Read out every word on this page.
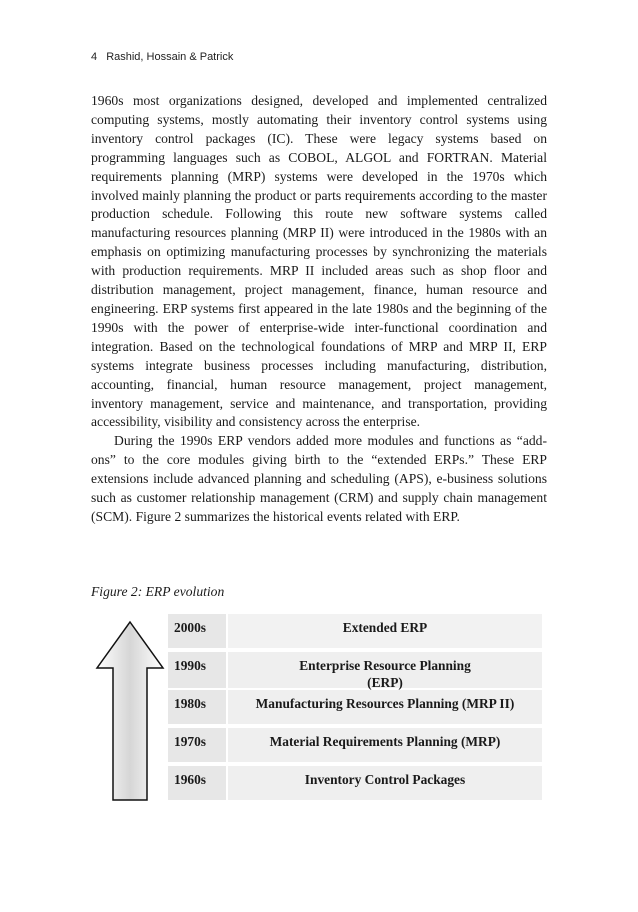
4 Rashid, Hossain & Patrick

1960s most organizations designed, developed and implemented centralized computing systems, mostly automating their inventory control systems using inventory control packages (IC). These were legacy systems based on programming languages such as COBOL, ALGOL and FORTRAN. Material requirements planning (MRP) systems were developed in the 1970s which involved mainly planning the product or parts requirements according to the master production schedule. Following this route new software systems called manufacturing resources planning (MRP II) were introduced in the 1980s with an emphasis on optimizing manufacturing processes by synchronizing the materials with production requirements. MRP II included areas such as shop floor and distribution management, project management, finance, human resource and engineering. ERP systems first appeared in the late 1980s and the beginning of the 1990s with the power of enterprise-wide inter-functional coordination and integration. Based on the technological foundations of MRP and MRP II, ERP systems integrate business processes including manufacturing, distribution, accounting, financial, human resource management, project management, inventory management, service and maintenance, and transportation, providing accessibility, visibility and consistency across the enterprise.

During the 1990s ERP vendors added more modules and functions as “add-ons” to the core modules giving birth to the “extended ERPs.” These ERP extensions include advanced planning and scheduling (APS), e-business solutions such as customer relationship management (CRM) and supply chain management (SCM). Figure 2 summarizes the historical events related with ERP.

Figure 2: ERP evolution
2000s	Extended ERP
1990s	Enterprise Resource Planning
(ERP)
1980s	Manufacturing Resources Planning (MRP II)
1970s	Material Requirements Planning (MRP)
1960s	Inventory Control Packages
